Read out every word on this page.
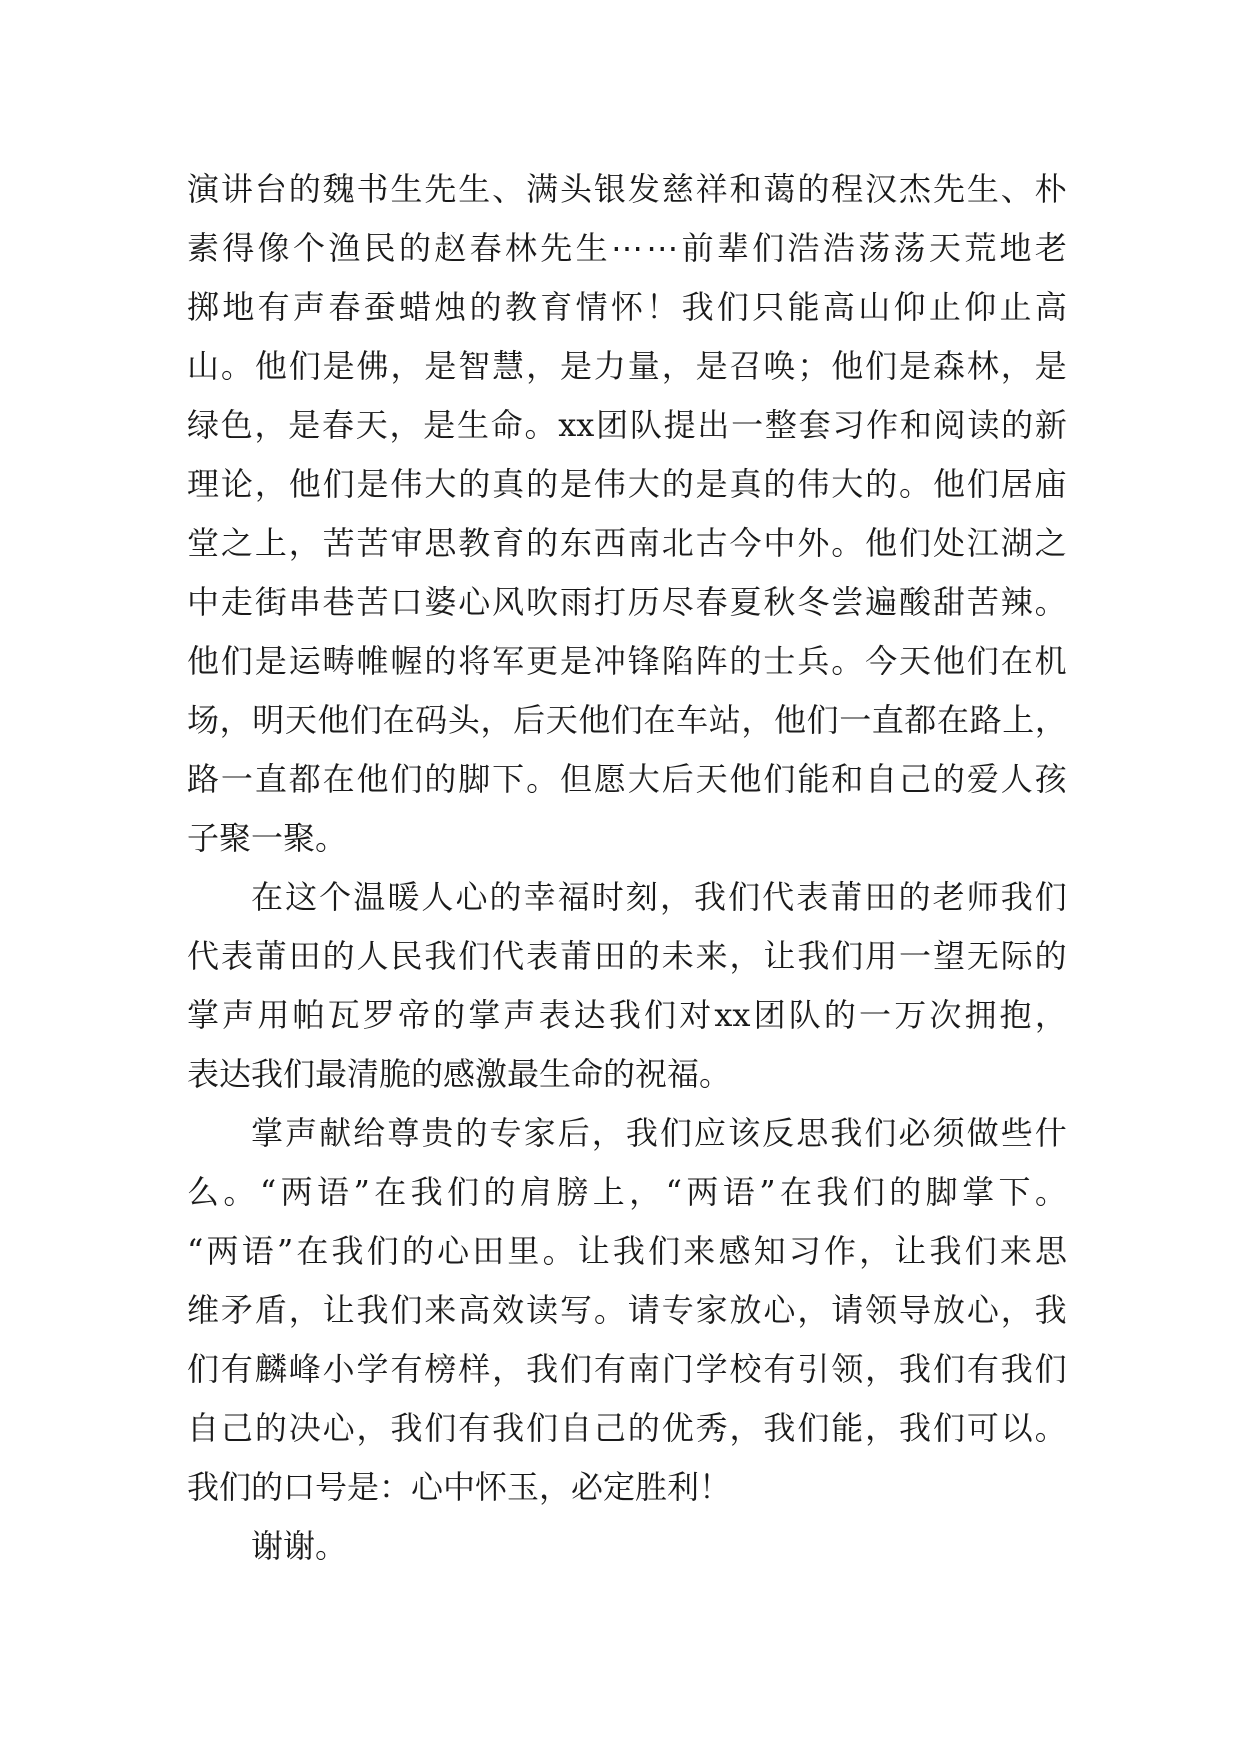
演 讲 台 的 魏 书 生 先 生 、 满 头 银 发 慈 祥 和 蔼 的 程 汉 杰 先 生 、 朴
素 得 像 个 渔 民 的 赵 春 林 先 生 ⋯ ⋯ 前 辈 们 浩 浩 荡 荡 天 荒 地 老
掷 地 有 声 春 蚕 蜡 烛 的 教 育 情 怀 ！ 我 们 只 能 高 山 仰 止 仰 止 高
山 。 他 们 是 佛 ， 是 智 慧 ， 是 力 量 ， 是 召 唤 ； 他 们 是 森 林 ， 是
绿 色 ， 是 春 天 ， 是 生 命 。 xx 团 队 提 出 一 整 套 习 作 和 阅 读 的 新
理 论 ， 他 们 是 伟 大 的 真 的 是 伟 大 的 是 真 的 伟 大 的 。 他 们 居 庙
堂 之 上 ， 苦 苦 审 思 教 育 的 东 西 南 北 古 今 中 外 。 他 们 处 江 湖 之
中 走 街 串 巷 苦 口 婆 心 风 吹 雨 打 历 尽 春 夏 秋 冬 尝 遍 酸 甜 苦 辣 。
他 们 是 运 畴 帷 幄 的 将 军 更 是 冲 锋 陷 阵 的 士 兵 。 今 天 他 们 在 机
场 ， 明 天 他 们 在 码 头 ， 后 天 他 们 在 车 站 ， 他 们 一 直 都 在 路 上 ，
路 一 直 都 在 他 们 的 脚 下 。 但 愿 大 后 天 他 们 能 和 自 己 的 爱 人 孩
子聚一聚。
在 这 个 温 暖 人 心 的 幸 福 时 刻 ， 我 们 代 表 莆 田 的 老 师 我 们
代 表 莆 田 的 人 民 我 们 代 表 莆 田 的 未 来 ， 让 我 们 用 一 望 无 际 的
掌 声 用 帕 瓦 罗 帝 的 掌 声 表 达 我 们 对 xx 团 队 的 一 万 次 拥 抱 ，
表达我们最清脆的感激最生命的祝福。
掌 声 献 给 尊 贵 的 专 家 后 ， 我 们 应 该 反 思 我 们 必 须 做 些 什
么 。 “ 两 语 ” 在 我 们 的 肩 膀 上 ， “ 两 语 ” 在 我 们 的 脚 掌 下 。
“ 两 语 ” 在 我 们 的 心 田 里 。 让 我 们 来 感 知 习 作 ， 让 我 们 来 思
维 矛 盾 ， 让 我 们 来 高 效 读 写 。 请 专 家 放 心 ， 请 领 导 放 心 ， 我
们 有 麟 峰 小 学 有 榜 样 ， 我 们 有 南 门 学 校 有 引 领 ， 我 们 有 我 们
自 己 的 决 心 ， 我 们 有 我 们 自 己 的 优 秀 ， 我 们 能 ， 我 们 可 以 。
我们的口号是：心中怀玉，必定胜利！
谢谢。
